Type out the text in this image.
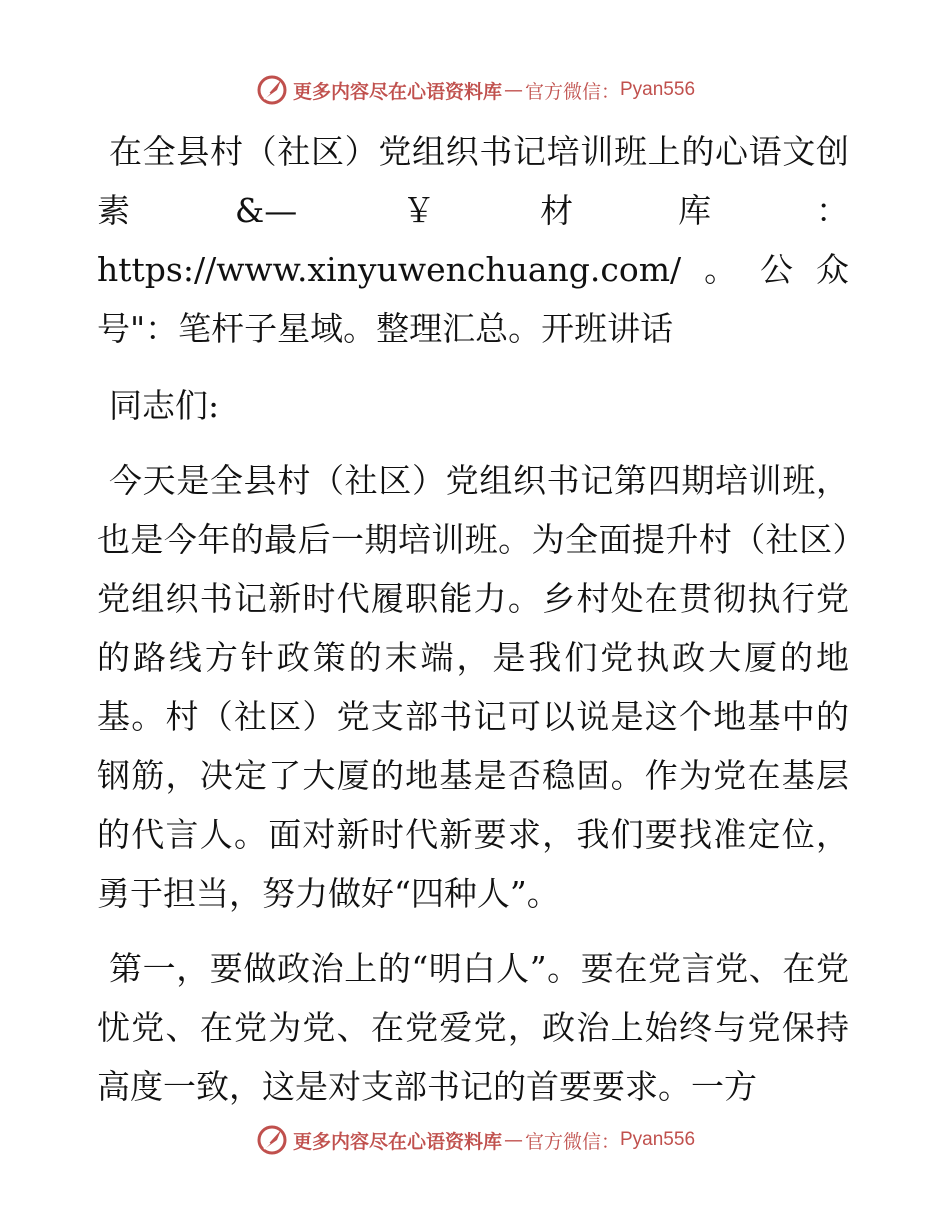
更多内容尽在心语资料库 — 官方微信： Pyan556

在全县村（社区）党组织书记培训班上的心语文创素&—￥材库：https://www.xinyuwenchuang.com/。公众号"：笔杆子星域。整理汇总。开班讲话

同志们:

今天是全县村（社区）党组织书记第四期培训班，也是今年的最后一期培训班。为全面提升村（社区）党组织书记新时代履职能力。乡村处在贯彻执行党的路线方针政策的末端，是我们党执政大厦的地基。村（社区）党支部书记可以说是这个地基中的钢筋，决定了大厦的地基是否稳固。作为党在基层的代言人。面对新时代新要求，我们要找准定位，勇于担当，努力做好“四种人”。

第一，要做政治上的“明白人”。要在党言党、在党忧党、在党为党、在党爱党，政治上始终与党保持高度一致，这是对支部书记的首要要求。一方

更多内容尽在心语资料库 — 官方微信： Pyan556
